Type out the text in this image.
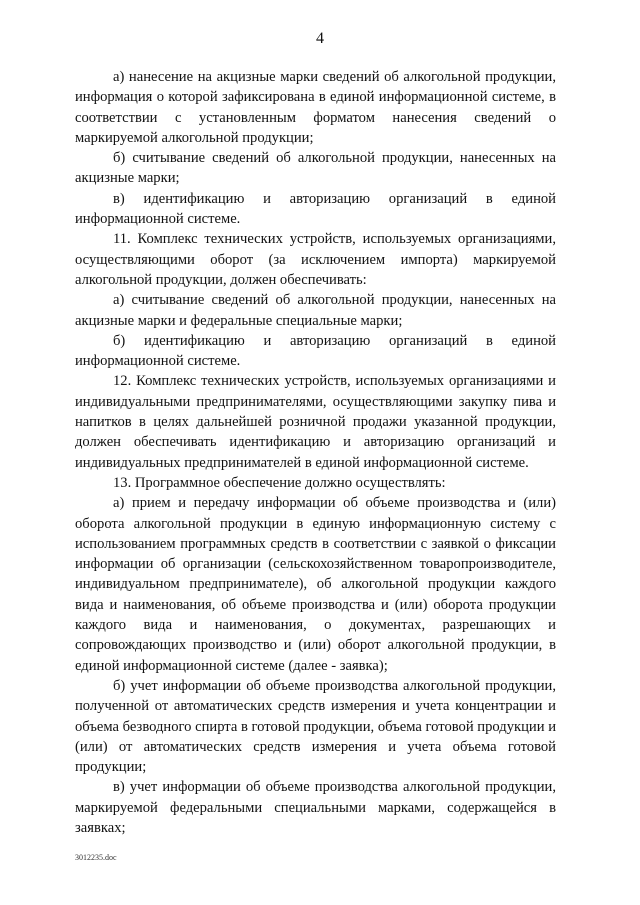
4

а) нанесение на акцизные марки сведений об алкогольной продукции, информация о которой зафиксирована в единой информационной системе, в соответствии с установленным форматом нанесения сведений о маркируемой алкогольной продукции;

б) считывание сведений об алкогольной продукции, нанесенных на акцизные марки;

в) идентификацию и авторизацию организаций в единой информационной системе.

11. Комплекс технических устройств, используемых организациями, осуществляющими оборот (за исключением импорта) маркируемой алкогольной продукции, должен обеспечивать:

а) считывание сведений об алкогольной продукции, нанесенных на акцизные марки и федеральные специальные марки;

б) идентификацию и авторизацию организаций в единой информационной системе.

12. Комплекс технических устройств, используемых организациями и индивидуальными предпринимателями, осуществляющими закупку пива и напитков в целях дальнейшей розничной продажи указанной продукции, должен обеспечивать идентификацию и авторизацию организаций и индивидуальных предпринимателей в единой информационной системе.

13. Программное обеспечение должно осуществлять:

а) прием и передачу информации об объеме производства и (или) оборота алкогольной продукции в единую информационную систему с использованием программных средств в соответствии с заявкой о фиксации информации об организации (сельскохозяйственном товаропроизводителе, индивидуальном предпринимателе), об алкогольной продукции каждого вида и наименования, об объеме производства и (или) оборота продукции каждого вида и наименования, о документах, разрешающих и сопровождающих производство и (или) оборот алкогольной продукции, в единой информационной системе (далее - заявка);

б) учет информации об объеме производства алкогольной продукции, полученной от автоматических средств измерения и учета концентрации и объема безводного спирта в готовой продукции, объема готовой продукции и (или) от автоматических средств измерения и учета объема готовой продукции;

в) учет информации об объеме производства алкогольной продукции, маркируемой федеральными специальными марками, содержащейся в заявках;

3012235.doc
